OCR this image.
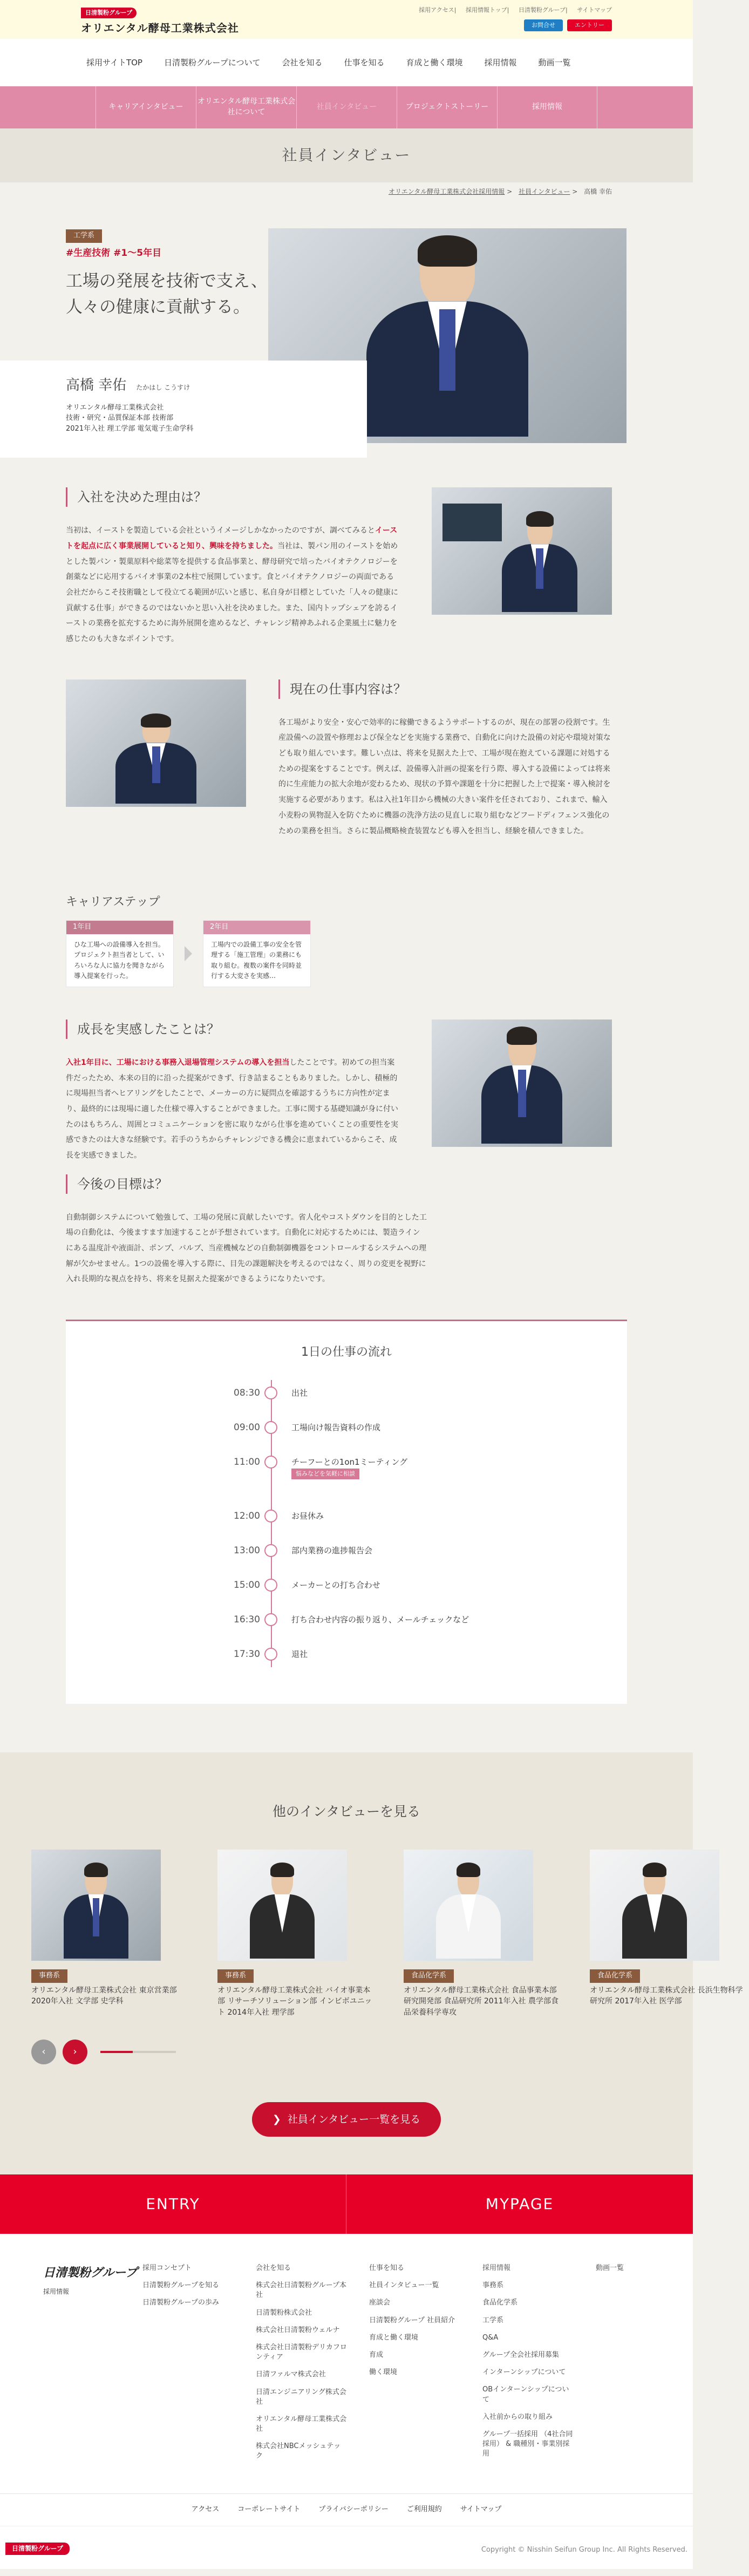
日清製粉グループ
オリエンタル酵母工業株式会社
採用アクセス| 採用情報トップ| 日清製粉グループ| サイトマップ
お問合せ	エントリー
採用サイトTOP	日清製粉グループについて	会社を知る	仕事を知る	育成と働く環境	採用情報	動画一覧
キャリアインタビュー
オリエンタル酵母工業株式会社について
社員インタビュー	プロジェクトストーリー	採用情報
社員インタビュー
オリエンタル酵母工業株式会社採用情報 > 社員インタビュー > 高橋 幸佑
工学系
#生産技術 #1〜5年目
工場の発展を技術で支え、人々の健康に貢献する。
高橋 幸佑 たかはし こうすけ
オリエンタル酵母工業株式会社
技術・研究・品質保証本部 技術部
2021年入社 理工学部 電気電子生命学科
入社を決めた理由は？

当初は、イーストを製造している会社というイメージしかなかったのですが、調べてみるとイーストを起点に広く事業展開していると知り、興味を持ちました。当社は、製パン用のイーストを始めとした製パン・製菓原料や総菜等を提供する食品事業と、酵母研究で培ったバイオテクノロジーを創薬などに応用するバイオ事業の2本柱で展開しています。食とバイオテクノロジーの両面である会社だからこそ技術職として役立てる範囲が広いと感じ、私自身が目標としていた「人々の健康に貢献する仕事」ができるのではないかと思い入社を決めました。また、国内トップシェアを誇るイーストの業務を拡充するために海外展開を進めるなど、チャレンジ精神あふれる企業風土に魅力を感じたのも大きなポイントです。

現在の仕事内容は？

各工場がより安全・安心で効率的に稼働できるようサポートするのが、現在の部署の役割です。生産設備への設置や修理および保全などを実施する業務で、自動化に向けた設備の対応や環境対策なども取り組んでいます。難しい点は、将来を見据えた上で、工場が現在抱えている課題に対処するための提案をすることです。例えば、設備導入計画の提案を行う際、導入する設備によっては将来的に生産能力の拡大余地が変わるため、現状の予算や課題を十分に把握した上で提案・導入検討を実施する必要があります。私は入社1年目から機械の大きい案件を任されており、これまで、輸入小麦粉の異物混入を防ぐために機器の洗浄方法の見直しに取り組むなどフードディフェンス強化のための業務を担当。さらに製品概略検査装置なども導入を担当し、経験を積んできました。

キャリアステップ
1年目

ひな工場への設備導入を担当。プロジェクト担当者として、いろいろな人に協力を聞きながら導入提案を行った。

2年目

工場内での設備工事の安全を管理する「施工管理」の業務にも取り組む。複数の案件を同時並行する大変さを実感…

成長を実感したことは？

入社1年目に、工場における事務入退場管理システムの導入を担当したことです。初めての担当案件だったため、本来の目的に沿った提案ができず、行き詰まることもありました。しかし、積極的に現場担当者へヒアリングをしたことで、メーカーの方に疑問点を確認するうちに方向性が定まり、最終的には現場に適した仕様で導入することができました。工事に関する基礎知識が身に付いたのはもちろん、周囲とコミュニケーションを密に取りながら仕事を進めていくことの重要性を実感できたのは大きな経験です。若手のうちからチャレンジできる機会に恵まれているからこそ、成長を実感できました。

今後の目標は？

自動制御システムについて勉強して、工場の発展に貢献したいです。省人化やコストダウンを目的とした工場の自動化は、今後ますます加速することが予想されています。自動化に対応するためには、製造ラインにある温度計や液面計、ポンプ、バルブ、当産機械などの自動制御機器をコントロールするシステムへの理解が欠かせません。1つの設備を導入する際に、目先の課題解決を考えるのではなく、周りの変更を視野に入れ長期的な視点を持ち、将来を見据えた提案ができるようになりたいです。

1日の仕事の流れ
08:30	出社
09:00	工場向け報告資料の作成
11:00	チーフーとの1on1ミーティング
悩みなどを気軽に相談
12:00	お昼休み
13:00	部内業務の進捗報告会
15:00	メーカーとの打ち合わせ
16:30	打ち合わせ内容の振り返り、メールチェックなど
17:30	退社
他のインタビューを見る
事務系
オリエンタル酵母工業株式会社 東京営業部 2020年入社 文学部 史学科
事務系
オリエンタル酵母工業株式会社 バイオ事業本部 リサーチソリューション部 インビボユニット 2014年入社 理学部
食品化学系
オリエンタル酵母工業株式会社 食品事業本部 研究開発部 食品研究所 2011年入社 農学部食品栄養科学専攻
食品化学系
オリエンタル酵母工業株式会社 長浜生物科学研究所 2017年入社 医学部
‹	›
❯ 社員インタビュー一覧を見る
ENTRY	MYPAGE
日清製粉グループ
採用情報
採用コンセプト
日清製粉グループを知る
日清製粉グループの歩み
会社を知る
株式会社日清製粉グループ本社
日清製粉株式会社
株式会社日清製粉ウェルナ
株式会社日清製粉デリカフロンティア
日清ファルマ株式会社
日清エンジニアリング株式会社
オリエンタル酵母工業株式会社
株式会社NBCメッシュテック
仕事を知る
社員インタビュー一覧
座談会
日清製粉グループ 社員紹介
育成と働く環境
育成
働く環境
採用情報
事務系
食品化学系
工学系
Q&A
グループ全会社採用募集
インターンシップについて
OBインターンシップについて
入社前からの取り組み
グループ一括採用 （4社合同採用） & 職種別・事業別採用
動画一覧
アクセス	コーポレートサイト	プライバシーポリシー	ご利用規約	サイトマップ
日清製粉グループ	Copyright © Nisshin Seifun Group Inc. All Rights Reserved.
